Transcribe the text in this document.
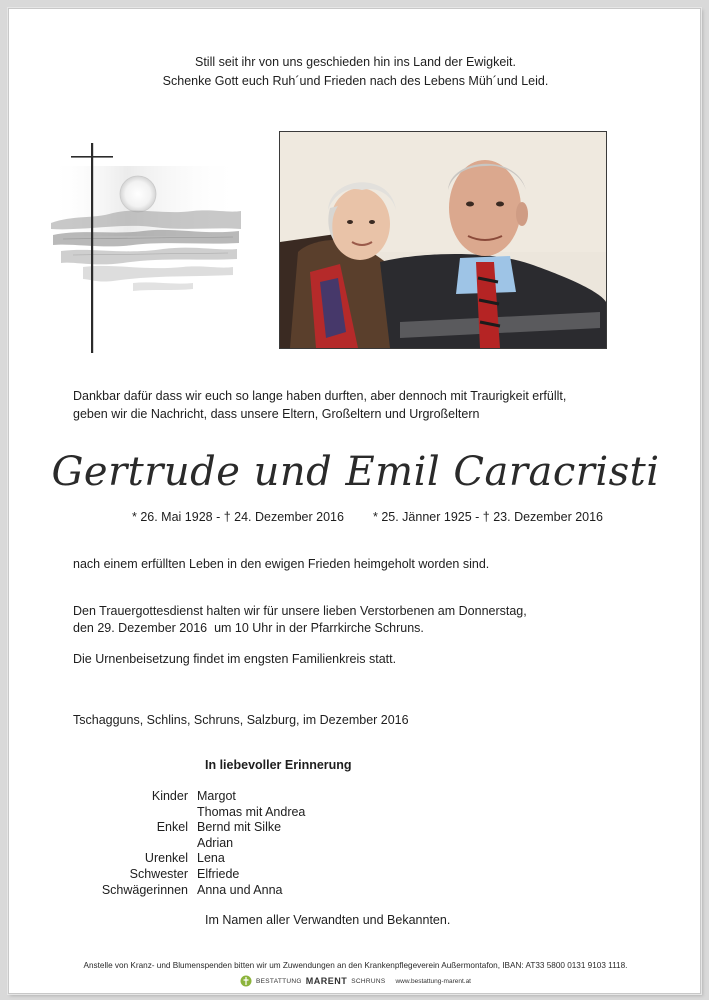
Still seit ihr von uns geschieden hin ins Land der Ewigkeit.
Schenke Gott euch Ruh´und Frieden nach des Lebens Müh´und Leid.
Dankbar dafür dass wir euch so lange haben durften, aber dennoch mit Traurigkeit erfüllt,
geben wir die Nachricht, dass unsere Eltern, Großeltern und Urgroßeltern
Gertrude und Emil Caracristi
* 26. Mai 1928 - † 24. Dezember 2016 * 25. Jänner 1925 - † 23. Dezember 2016
nach einem erfüllten Leben in den ewigen Frieden heimgeholt worden sind.
Den Trauergottesdienst halten wir für unsere lieben Verstorbenen am Donnerstag,
den 29. Dezember 2016  um 10 Uhr in der Pfarrkirche Schruns.
Die Urnenbeisetzung findet im engsten Familienkreis statt.
Tschagguns, Schlins, Schruns, Salzburg, im Dezember 2016
In liebevoller Erinnerung
Kinder Margot
Thomas mit Andrea
Enkel Bernd mit Silke
Adrian
Urenkel Lena
Schwester Elfriede
Schwägerinnen Anna und Anna
Im Namen aller Verwandten und Bekannten.
Anstelle von Kranz- und Blumenspenden bitten wir um Zuwendungen an den Krankenpflegeverein Außermontafon, IBAN: AT33 5800 0131 9103 1118.
BESTATTUNG MARENT SCHRUNS www.bestattung-marent.at
